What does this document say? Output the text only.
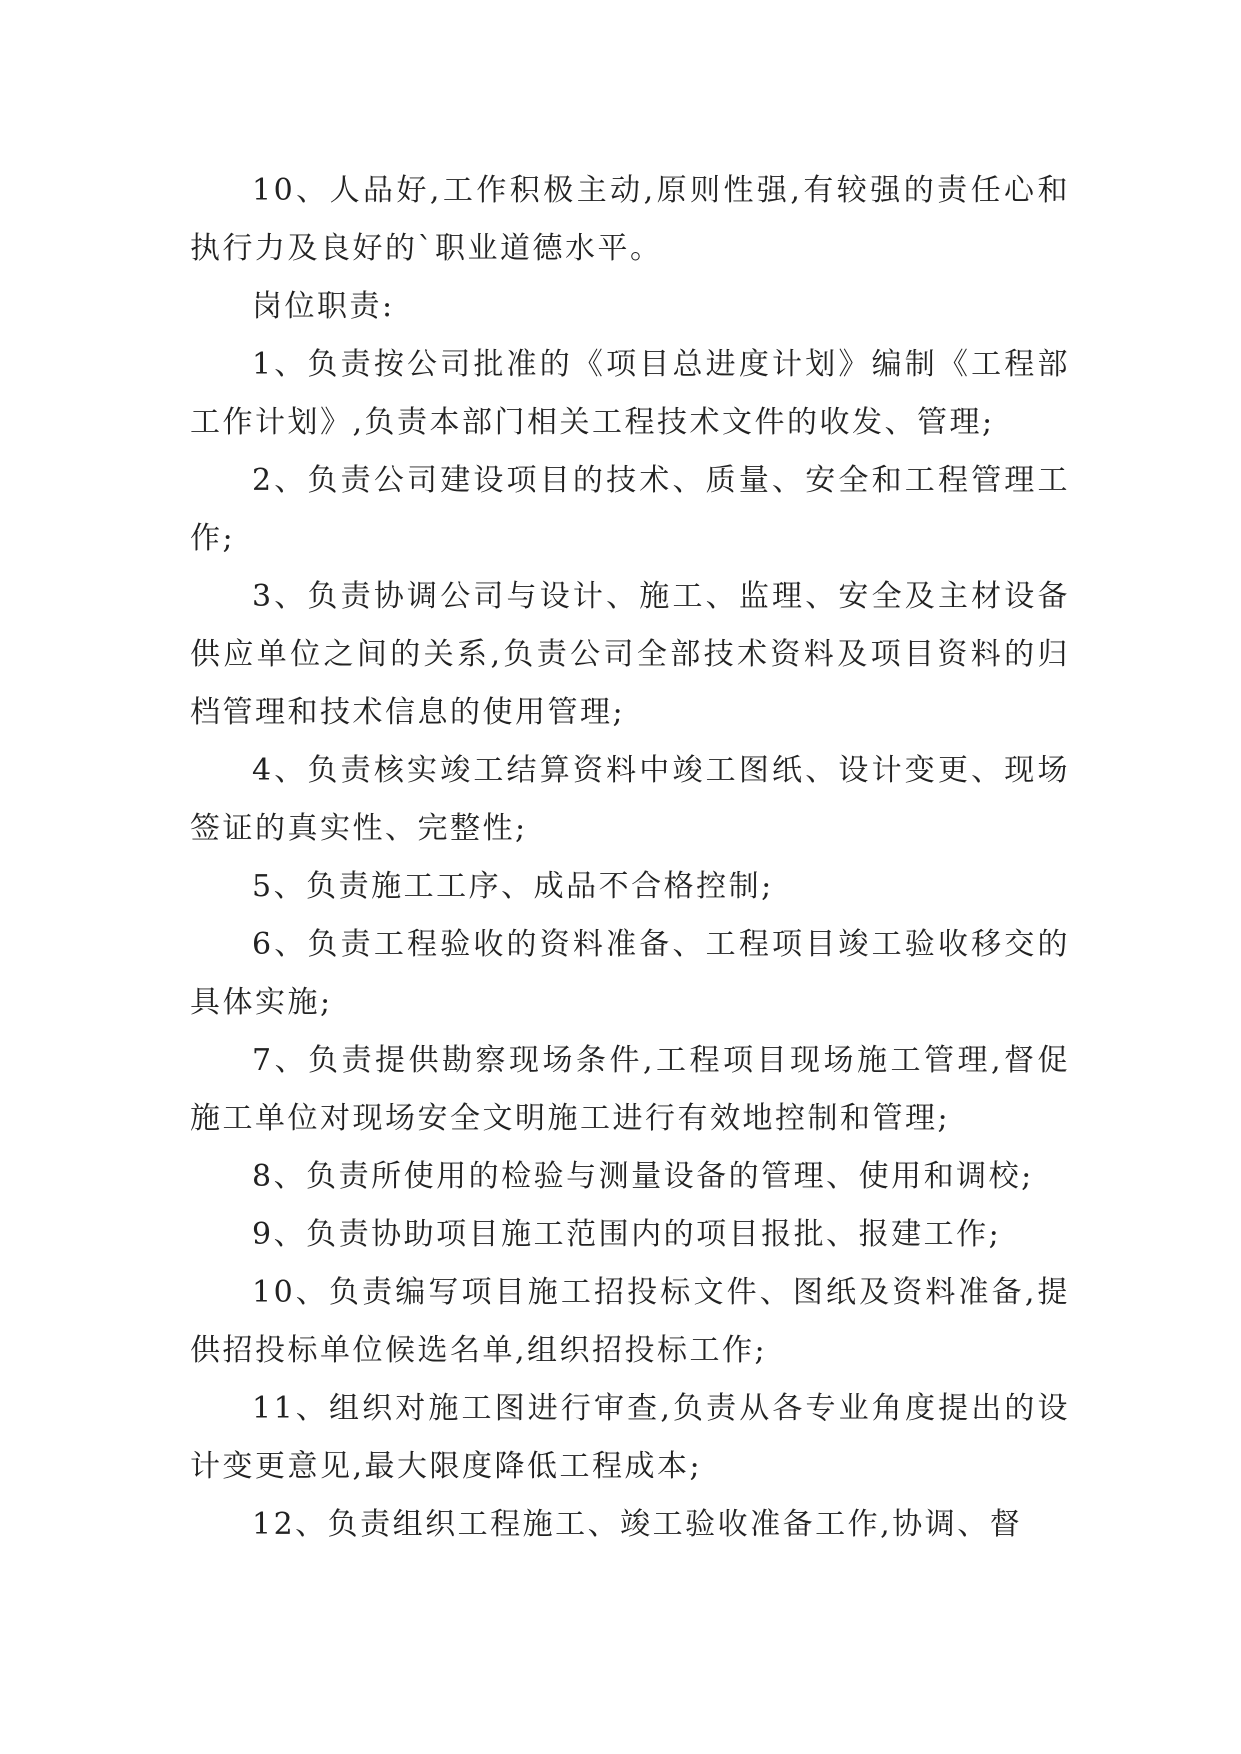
10、人品好,工作积极主动,原则性强,有较强的责任心和执行力及良好的`职业道德水平。

岗位职责:

1、负责按公司批准的《项目总进度计划》编制《工程部工作计划》,负责本部门相关工程技术文件的收发、管理;

2、负责公司建设项目的技术、质量、安全和工程管理工作;

3、负责协调公司与设计、施工、监理、安全及主材设备供应单位之间的关系,负责公司全部技术资料及项目资料的归档管理和技术信息的使用管理;

4、负责核实竣工结算资料中竣工图纸、设计变更、现场签证的真实性、完整性;

5、负责施工工序、成品不合格控制;

6、负责工程验收的资料准备、工程项目竣工验收移交的具体实施;

7、负责提供勘察现场条件,工程项目现场施工管理,督促施工单位对现场安全文明施工进行有效地控制和管理;

8、负责所使用的检验与测量设备的管理、使用和调校;

9、负责协助项目施工范围内的项目报批、报建工作;

10、负责编写项目施工招投标文件、图纸及资料准备,提供招投标单位候选名单,组织招投标工作;

11、组织对施工图进行审查,负责从各专业角度提出的设计变更意见,最大限度降低工程成本;

12、负责组织工程施工、竣工验收准备工作,协调、督
